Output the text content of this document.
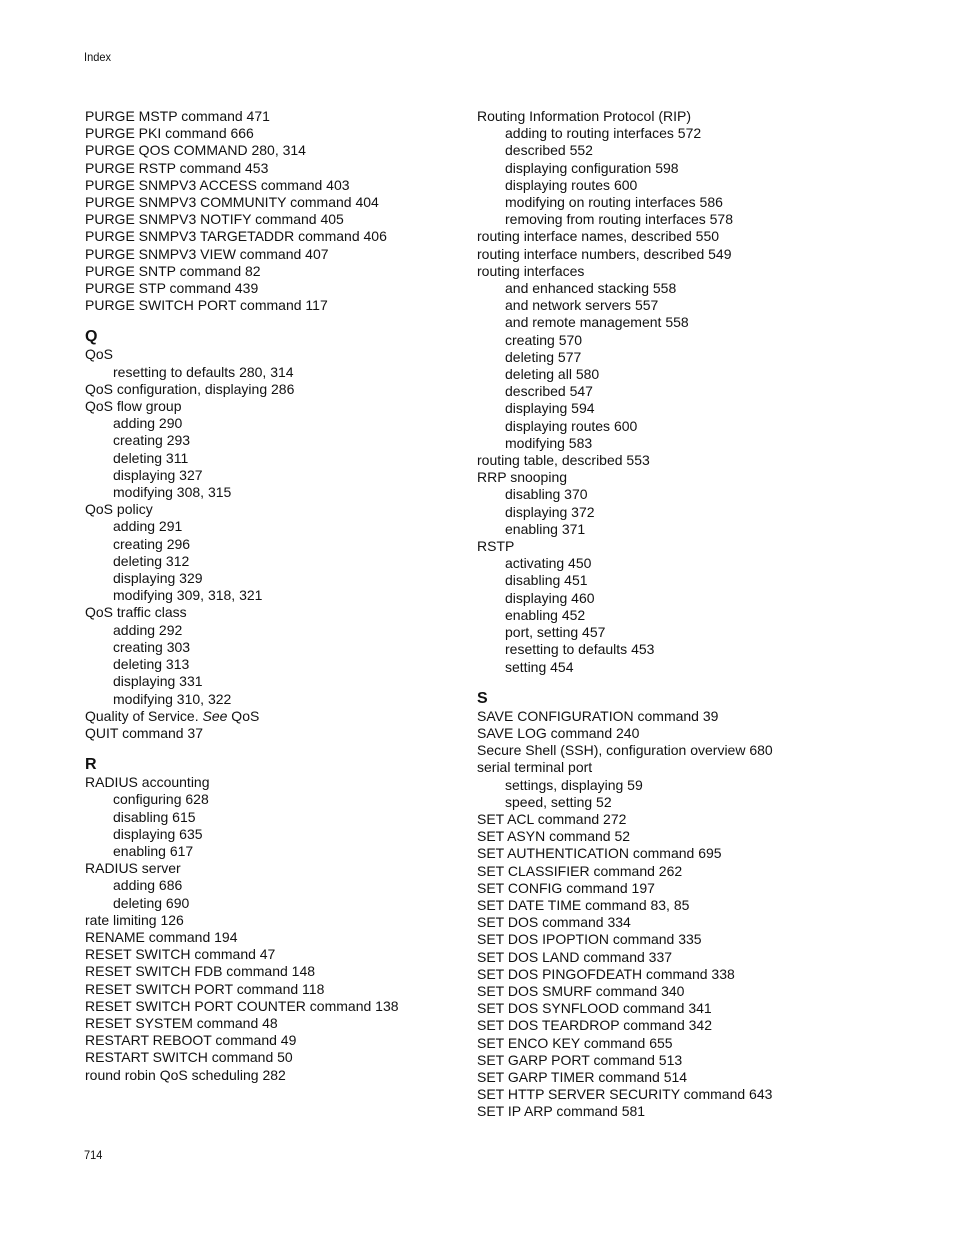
Index
PURGE MSTP command 471
PURGE PKI command 666
PURGE QOS COMMAND 280, 314
PURGE RSTP command 453
PURGE SNMPV3 ACCESS command 403
PURGE SNMPV3 COMMUNITY command 404
PURGE SNMPV3 NOTIFY command 405
PURGE SNMPV3 TARGETADDR command 406
PURGE SNMPV3 VIEW command 407
PURGE SNTP command 82
PURGE STP command 439
PURGE SWITCH PORT command 117
Q
QoS
resetting to defaults 280, 314
QoS configuration, displaying 286
QoS flow group
adding 290
creating 293
deleting 311
displaying 327
modifying 308, 315
QoS policy
adding 291
creating 296
deleting 312
displaying 329
modifying 309, 318, 321
QoS traffic class
adding 292
creating 303
deleting 313
displaying 331
modifying 310, 322
Quality of Service. See QoS
QUIT command 37
R
RADIUS accounting
configuring 628
disabling 615
displaying 635
enabling 617
RADIUS server
adding 686
deleting 690
rate limiting 126
RENAME command 194
RESET SWITCH command 47
RESET SWITCH FDB command 148
RESET SWITCH PORT command 118
RESET SWITCH PORT COUNTER command 138
RESET SYSTEM command 48
RESTART REBOOT command 49
RESTART SWITCH command 50
round robin QoS scheduling 282
Routing Information Protocol (RIP)
adding to routing interfaces 572
described 552
displaying configuration 598
displaying routes 600
modifying on routing interfaces 586
removing from routing interfaces 578
routing interface names, described 550
routing interface numbers, described 549
routing interfaces
and enhanced stacking 558
and network servers 557
and remote management 558
creating 570
deleting 577
deleting all 580
described 547
displaying 594
displaying routes 600
modifying 583
routing table, described 553
RRP snooping
disabling 370
displaying 372
enabling 371
RSTP
activating 450
disabling 451
displaying 460
enabling 452
port, setting 457
resetting to defaults 453
setting 454
S
SAVE CONFIGURATION command 39
SAVE LOG command 240
Secure Shell (SSH), configuration overview 680
serial terminal port
settings, displaying 59
speed, setting 52
SET ACL command 272
SET ASYN command 52
SET AUTHENTICATION command 695
SET CLASSIFIER command 262
SET CONFIG command 197
SET DATE TIME command 83, 85
SET DOS command 334
SET DOS IPOPTION command 335
SET DOS LAND command 337
SET DOS PINGOFDEATH command 338
SET DOS SMURF command 340
SET DOS SYNFLOOD command 341
SET DOS TEARDROP command 342
SET ENCO KEY command 655
SET GARP PORT command 513
SET GARP TIMER command 514
SET HTTP SERVER SECURITY command 643
SET IP ARP command 581
714
